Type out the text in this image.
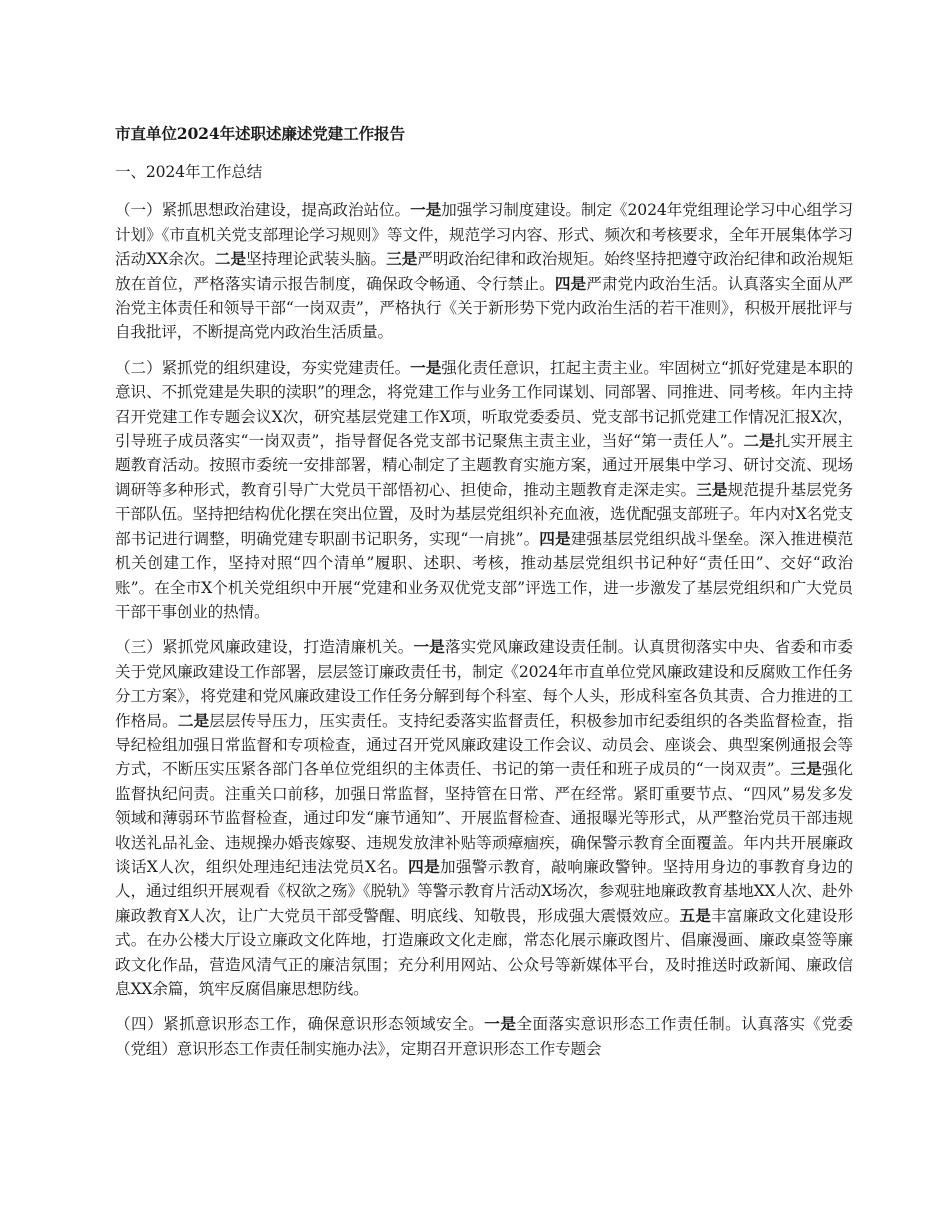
市直单位2024年述职述廉述党建工作报告
一、2024年工作总结

（一）紧抓思想政治建设，提高政治站位。一是加强学习制度建设。制定《2024年党组理论学习中心组学习计划》《市直机关党支部理论学习规则》等文件，规范学习内容、形式、频次和考核要求，全年开展集体学习活动XX余次。二是坚持理论武装头脑。三是严明政治纪律和政治规矩。始终坚持把遵守政治纪律和政治规矩放在首位，严格落实请示报告制度，确保政令畅通、令行禁止。四是严肃党内政治生活。认真落实全面从严治党主体责任和领导干部“一岗双责”，严格执行《关于新形势下党内政治生活的若干准则》，积极开展批评与自我批评，不断提高党内政治生活质量。

（二）紧抓党的组织建设，夯实党建责任。一是强化责任意识，扛起主责主业。牢固树立“抓好党建是本职的意识、不抓党建是失职的渎职”的理念，将党建工作与业务工作同谋划、同部署、同推进、同考核。年内主持召开党建工作专题会议X次，研究基层党建工作X项，听取党委委员、党支部书记抓党建工作情况汇报X次，引导班子成员落实“一岗双责”，指导督促各党支部书记聚焦主责主业，当好“第一责任人”。二是扎实开展主题教育活动。按照市委统一安排部署，精心制定了主题教育实施方案，通过开展集中学习、研讨交流、现场调研等多种形式，教育引导广大党员干部悟初心、担使命，推动主题教育走深走实。三是规范提升基层党务干部队伍。坚持把结构优化摆在突出位置，及时为基层党组织补充血液，选优配强支部班子。年内对X名党支部书记进行调整，明确党建专职副书记职务，实现“一肩挑”。四是建强基层党组织战斗堡垒。深入推进模范机关创建工作，坚持对照“四个清单”履职、述职、考核，推动基层党组织书记种好“责任田”、交好“政治账”。在全市X个机关党组织中开展“党建和业务双优党支部”评选工作，进一步激发了基层党组织和广大党员干部干事创业的热情。

（三）紧抓党风廉政建设，打造清廉机关。一是落实党风廉政建设责任制。认真贯彻落实中央、省委和市委关于党风廉政建设工作部署，层层签订廉政责任书，制定《2024年市直单位党风廉政建设和反腐败工作任务分工方案》，将党建和党风廉政建设工作任务分解到每个科室、每个人头，形成科室各负其责、合力推进的工作格局。二是层层传导压力，压实责任。支持纪委落实监督责任，积极参加市纪委组织的各类监督检查，指导纪检组加强日常监督和专项检查，通过召开党风廉政建设工作会议、动员会、座谈会、典型案例通报会等方式，不断压实压紧各部门各单位党组织的主体责任、书记的第一责任和班子成员的“一岗双责”。三是强化监督执纪问责。注重关口前移，加强日常监督，坚持管在日常、严在经常。紧盯重要节点、“四风”易发多发领域和薄弱环节监督检查，通过印发“廉节通知”、开展监督检查、通报曝光等形式，从严整治党员干部违规收送礼品礼金、违规操办婚丧嫁娶、违规发放津补贴等顽瘴痼疾，确保警示教育全面覆盖。年内共开展廉政谈话X人次，组织处理违纪违法党员X名。四是加强警示教育，敲响廉政警钟。坚持用身边的事教育身边的人，通过组织开展观看《权欲之殇》《脱轨》等警示教育片活动X场次，参观驻地廉政教育基地XX人次、赴外廉政教育X人次，让广大党员干部受警醒、明底线、知敬畏，形成强大震慑效应。五是丰富廉政文化建设形式。在办公楼大厅设立廉政文化阵地，打造廉政文化走廊，常态化展示廉政图片、倡廉漫画、廉政桌签等廉政文化作品，营造风清气正的廉洁氛围；充分利用网站、公众号等新媒体平台，及时推送时政新闻、廉政信息XX余篇，筑牢反腐倡廉思想防线。

（四）紧抓意识形态工作，确保意识形态领域安全。一是全面落实意识形态工作责任制。认真落实《党委（党组）意识形态工作责任制实施办法》，定期召开意识形态工作专题会
